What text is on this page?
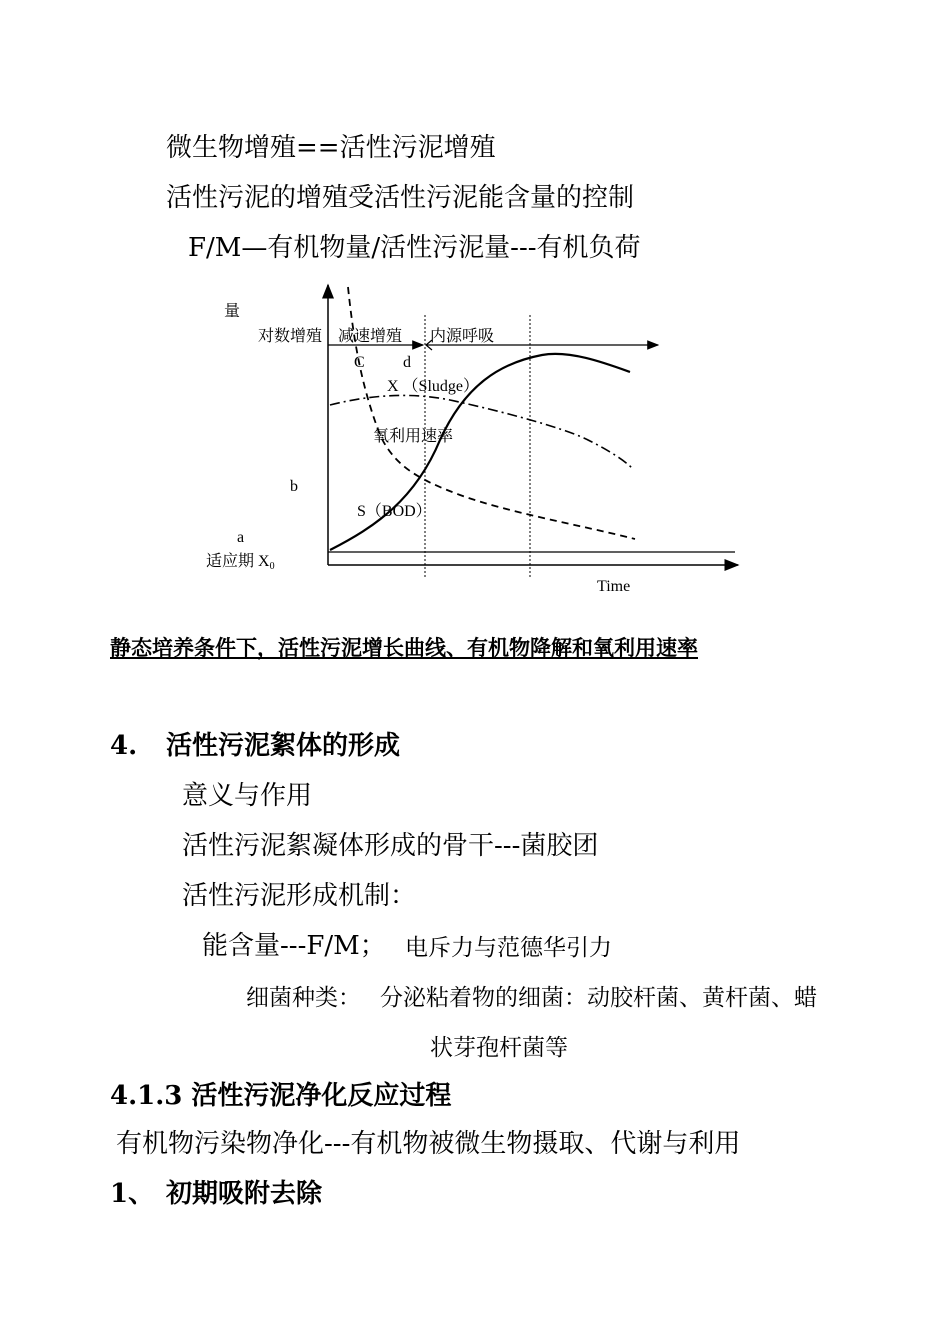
微生物增殖==活性污泥增殖
活性污泥的增殖受活性污泥能含量的控制
F/M—有机物量/活性污泥量---有机负荷
量
对数增殖 减速增殖 内源呼吸
C d
X （Sludge）
氧利用速率
b
S（BOD）
a
适应期 X0
Time
静态培养条件下，活性污泥增长曲线、有机物降解和氧利用速率
4. 活性污泥絮体的形成
意义与作用
活性污泥絮凝体形成的骨干---菌胶团
活性污泥形成机制：
能含量---F/M； 电斥力与范德华引力
细菌种类： 分泌粘着物的细菌：动胶杆菌、黄杆菌、蜡
状芽孢杆菌等
4.1.3 活性污泥净化反应过程
有机物污染物净化---有机物被微生物摄取、代谢与利用
1、 初期吸附去除
